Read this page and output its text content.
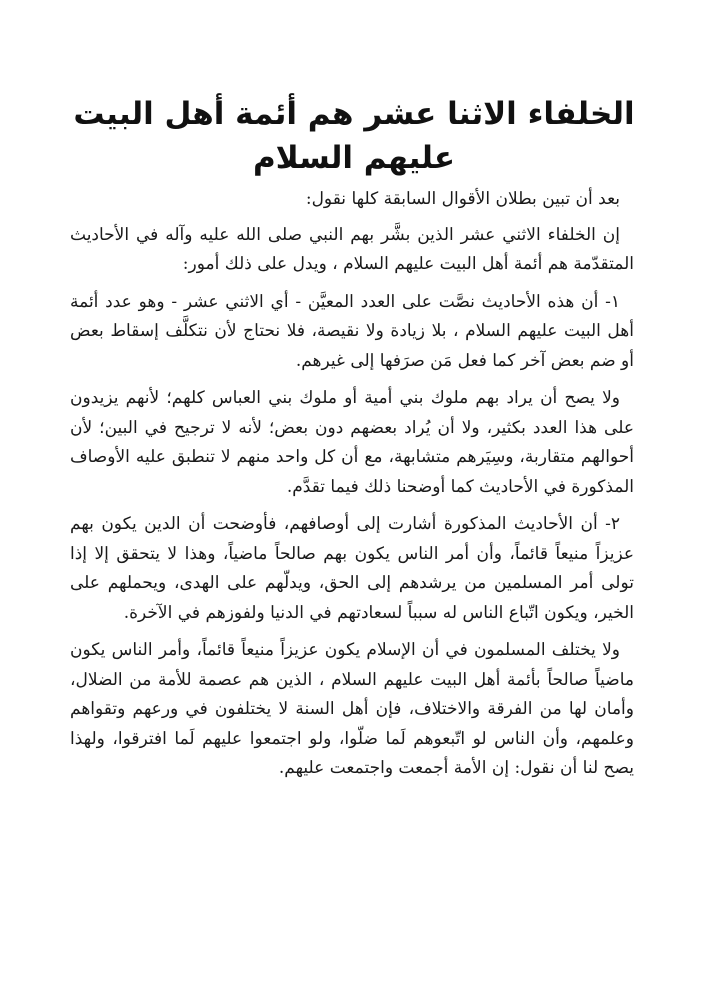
الخلفاء الاثنا عشر هم أئمة أهل البيت عليهم السلام

بعد أن تبين بطلان الأقوال السابقة كلها نقول:

إن الخلفاء الاثني عشر الذين بشَّر بهم النبي صلى الله عليه وآله في الأحاديث المتقدّمة هم أئمة أهل البيت عليهم السلام ، ويدل على ذلك أمور:

١- أن هذه الأحاديث نصَّت على العدد المعيَّن - أي الاثني عشر - وهو عدد أئمة أهل البيت عليهم السلام ، بلا زيادة ولا نقيصة، فلا نحتاج لأن نتكلَّف إسقاط بعض أو ضم بعض آخر كما فعل مَن صرَفها إلى غيرهم.

ولا يصح أن يراد بهم ملوك بني أمية أو ملوك بني العباس كلهم؛ لأنهم يزيدون على هذا العدد بكثير، ولا أن يُراد بعضهم دون بعض؛ لأنه لا ترجيح في البين؛ لأن أحوالهم متقاربة، وسِيَرهم متشابهة، مع أن كل واحد منهم لا تنطبق عليه الأوصاف المذكورة في الأحاديث كما أوضحنا ذلك فيما تقدَّم.

٢- أن الأحاديث المذكورة أشارت إلى أوصافهم، فأوضحت أن الدين يكون بهم عزيزاً منيعاً قائماً، وأن أمر الناس يكون بهم صالحاً ماضياً، وهذا لا يتحقق إلا إذا تولى أمر المسلمين من يرشدهم إلى الحق، ويدلّهم على الهدى، ويحملهم على الخير، ويكون اتّباع الناس له سبباً لسعادتهم في الدنيا ولفوزهم في الآخرة.

ولا يختلف المسلمون في أن الإسلام يكون عزيزاً منيعاً قائماً، وأمر الناس يكون ماضياً صالحاً بأئمة أهل البيت عليهم السلام ، الذين هم عصمة للأمة من الضلال، وأمان لها من الفرقة والاختلاف، فإن أهل السنة لا يختلفون في ورعهم وتقواهم وعلمهم، وأن الناس لو اتّبعوهم لَما ضلّوا، ولو اجتمعوا عليهم لَما افترقوا، ولهذا يصح لنا أن نقول: إن الأمة أجمعت واجتمعت عليهم.
